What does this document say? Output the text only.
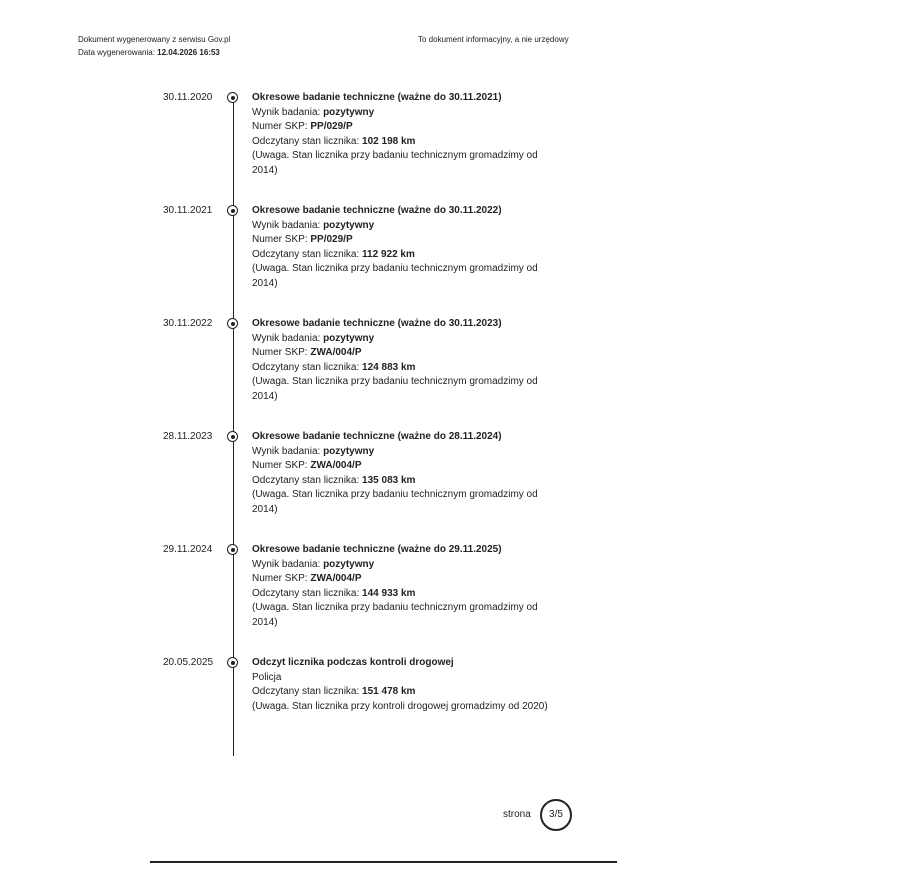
Dokument wygenerowany z serwisu Gov.pl
Data wygenerowania: 12.04.2026 16:53
To dokument informacyjny, a nie urzędowy
30.11.2020	Okresowe badanie techniczne (ważne do 30.11.2021)
Wynik badania: pozytywny
Numer SKP: PP/029/P
Odczytany stan licznika: 102 198 km
(Uwaga. Stan licznika przy badaniu technicznym gromadzimy od 2014)
30.11.2021	Okresowe badanie techniczne (ważne do 30.11.2022)
Wynik badania: pozytywny
Numer SKP: PP/029/P
Odczytany stan licznika: 112 922 km
(Uwaga. Stan licznika przy badaniu technicznym gromadzimy od 2014)
30.11.2022	Okresowe badanie techniczne (ważne do 30.11.2023)
Wynik badania: pozytywny
Numer SKP: ZWA/004/P
Odczytany stan licznika: 124 883 km
(Uwaga. Stan licznika przy badaniu technicznym gromadzimy od 2014)
28.11.2023	Okresowe badanie techniczne (ważne do 28.11.2024)
Wynik badania: pozytywny
Numer SKP: ZWA/004/P
Odczytany stan licznika: 135 083 km
(Uwaga. Stan licznika przy badaniu technicznym gromadzimy od 2014)
29.11.2024	Okresowe badanie techniczne (ważne do 29.11.2025)
Wynik badania: pozytywny
Numer SKP: ZWA/004/P
Odczytany stan licznika: 144 933 km
(Uwaga. Stan licznika przy badaniu technicznym gromadzimy od 2014)
20.05.2025	Odczyt licznika podczas kontroli drogowej
Policja
Odczytany stan licznika: 151 478 km
(Uwaga. Stan licznika przy kontroli drogowej gromadzimy od 2020)
strona	3/5
